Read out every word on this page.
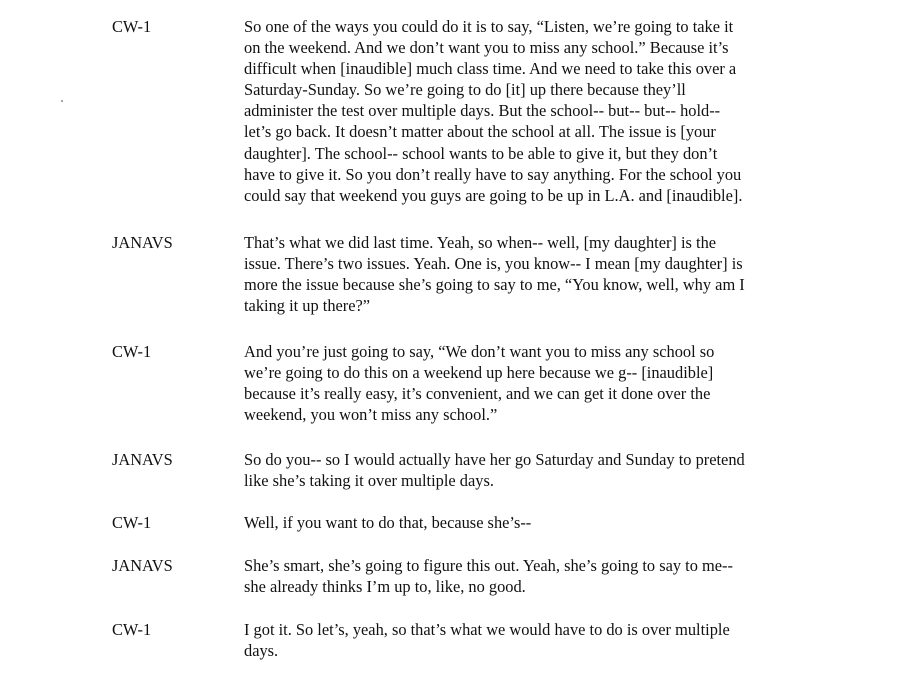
CW-1	So one of the ways you could do it is to say, “Listen, we’re going to take it
on the weekend. And we don’t want you to miss any school.” Because it’s
difficult when [inaudible] much class time. And we need to take this over a
Saturday-Sunday. So we’re going to do [it] up there because they’ll
administer the test over multiple days. But the school-- but-- but-- hold--
let’s go back. It doesn’t matter about the school at all. The issue is [your
daughter]. The school-- school wants to be able to give it, but they don’t
have to give it. So you don’t really have to say anything. For the school you
could say that weekend you guys are going to be up in L.A. and [inaudible].
JANAVS	That’s what we did last time. Yeah, so when-- well, [my daughter] is the
issue. There’s two issues. Yeah. One is, you know-- I mean [my daughter] is
more the issue because she’s going to say to me, “You know, well, why am I
taking it up there?”
CW-1	And you’re just going to say, “We don’t want you to miss any school so
we’re going to do this on a weekend up here because we g-- [inaudible]
because it’s really easy, it’s convenient, and we can get it done over the
weekend, you won’t miss any school.”
JANAVS	So do you-- so I would actually have her go Saturday and Sunday to pretend
like she’s taking it over multiple days.
CW-1	Well, if you want to do that, because she’s--
JANAVS	She’s smart, she’s going to figure this out. Yeah, she’s going to say to me--
she already thinks I’m up to, like, no good.
CW-1	I got it. So let’s, yeah, so that’s what we would have to do is over multiple
days.
